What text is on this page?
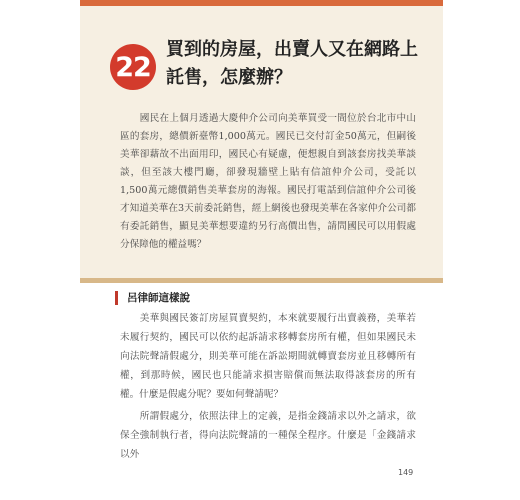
22
買到的房屋，出賣人又在網路上
託售，怎麼辦？

　　國民在上個月透過大慶仲介公司向美華買受一間位於台北市中山區的套房，總價新臺幣1,000萬元。國民已交付訂金50萬元，但嗣後美華卻藉故不出面用印，國民心有疑慮，便想親自到該套房找美華談談，但至該大樓門廳，卻發現牆壁上貼有信誼仲介公司，受託以1,500萬元總價銷售美華套房的海報。國民打電話到信誼仲介公司後才知道美華在3天前委託銷售，經上網後也發現美華在各家仲介公司都有委託銷售，顯見美華想要違約另行高價出售，請問國民可以用假處分保障他的權益嗎？

呂律師這樣說

　　美華與國民簽訂房屋買賣契約，本來就要履行出賣義務，美華若未履行契約，國民可以依約起訴請求移轉套房所有權，但如果國民未向法院聲請假處分，則美華可能在訴訟期間就轉賣套房並且移轉所有權，到那時候，國民也只能請求損害賠償而無法取得該套房的所有權。什麼是假處分呢？要如何聲請呢？

　　所謂假處分，依照法律上的定義，是指金錢請求以外之請求，欲保全強制執行者，得向法院聲請的一種保全程序。什麼是「金錢請求以外

149
